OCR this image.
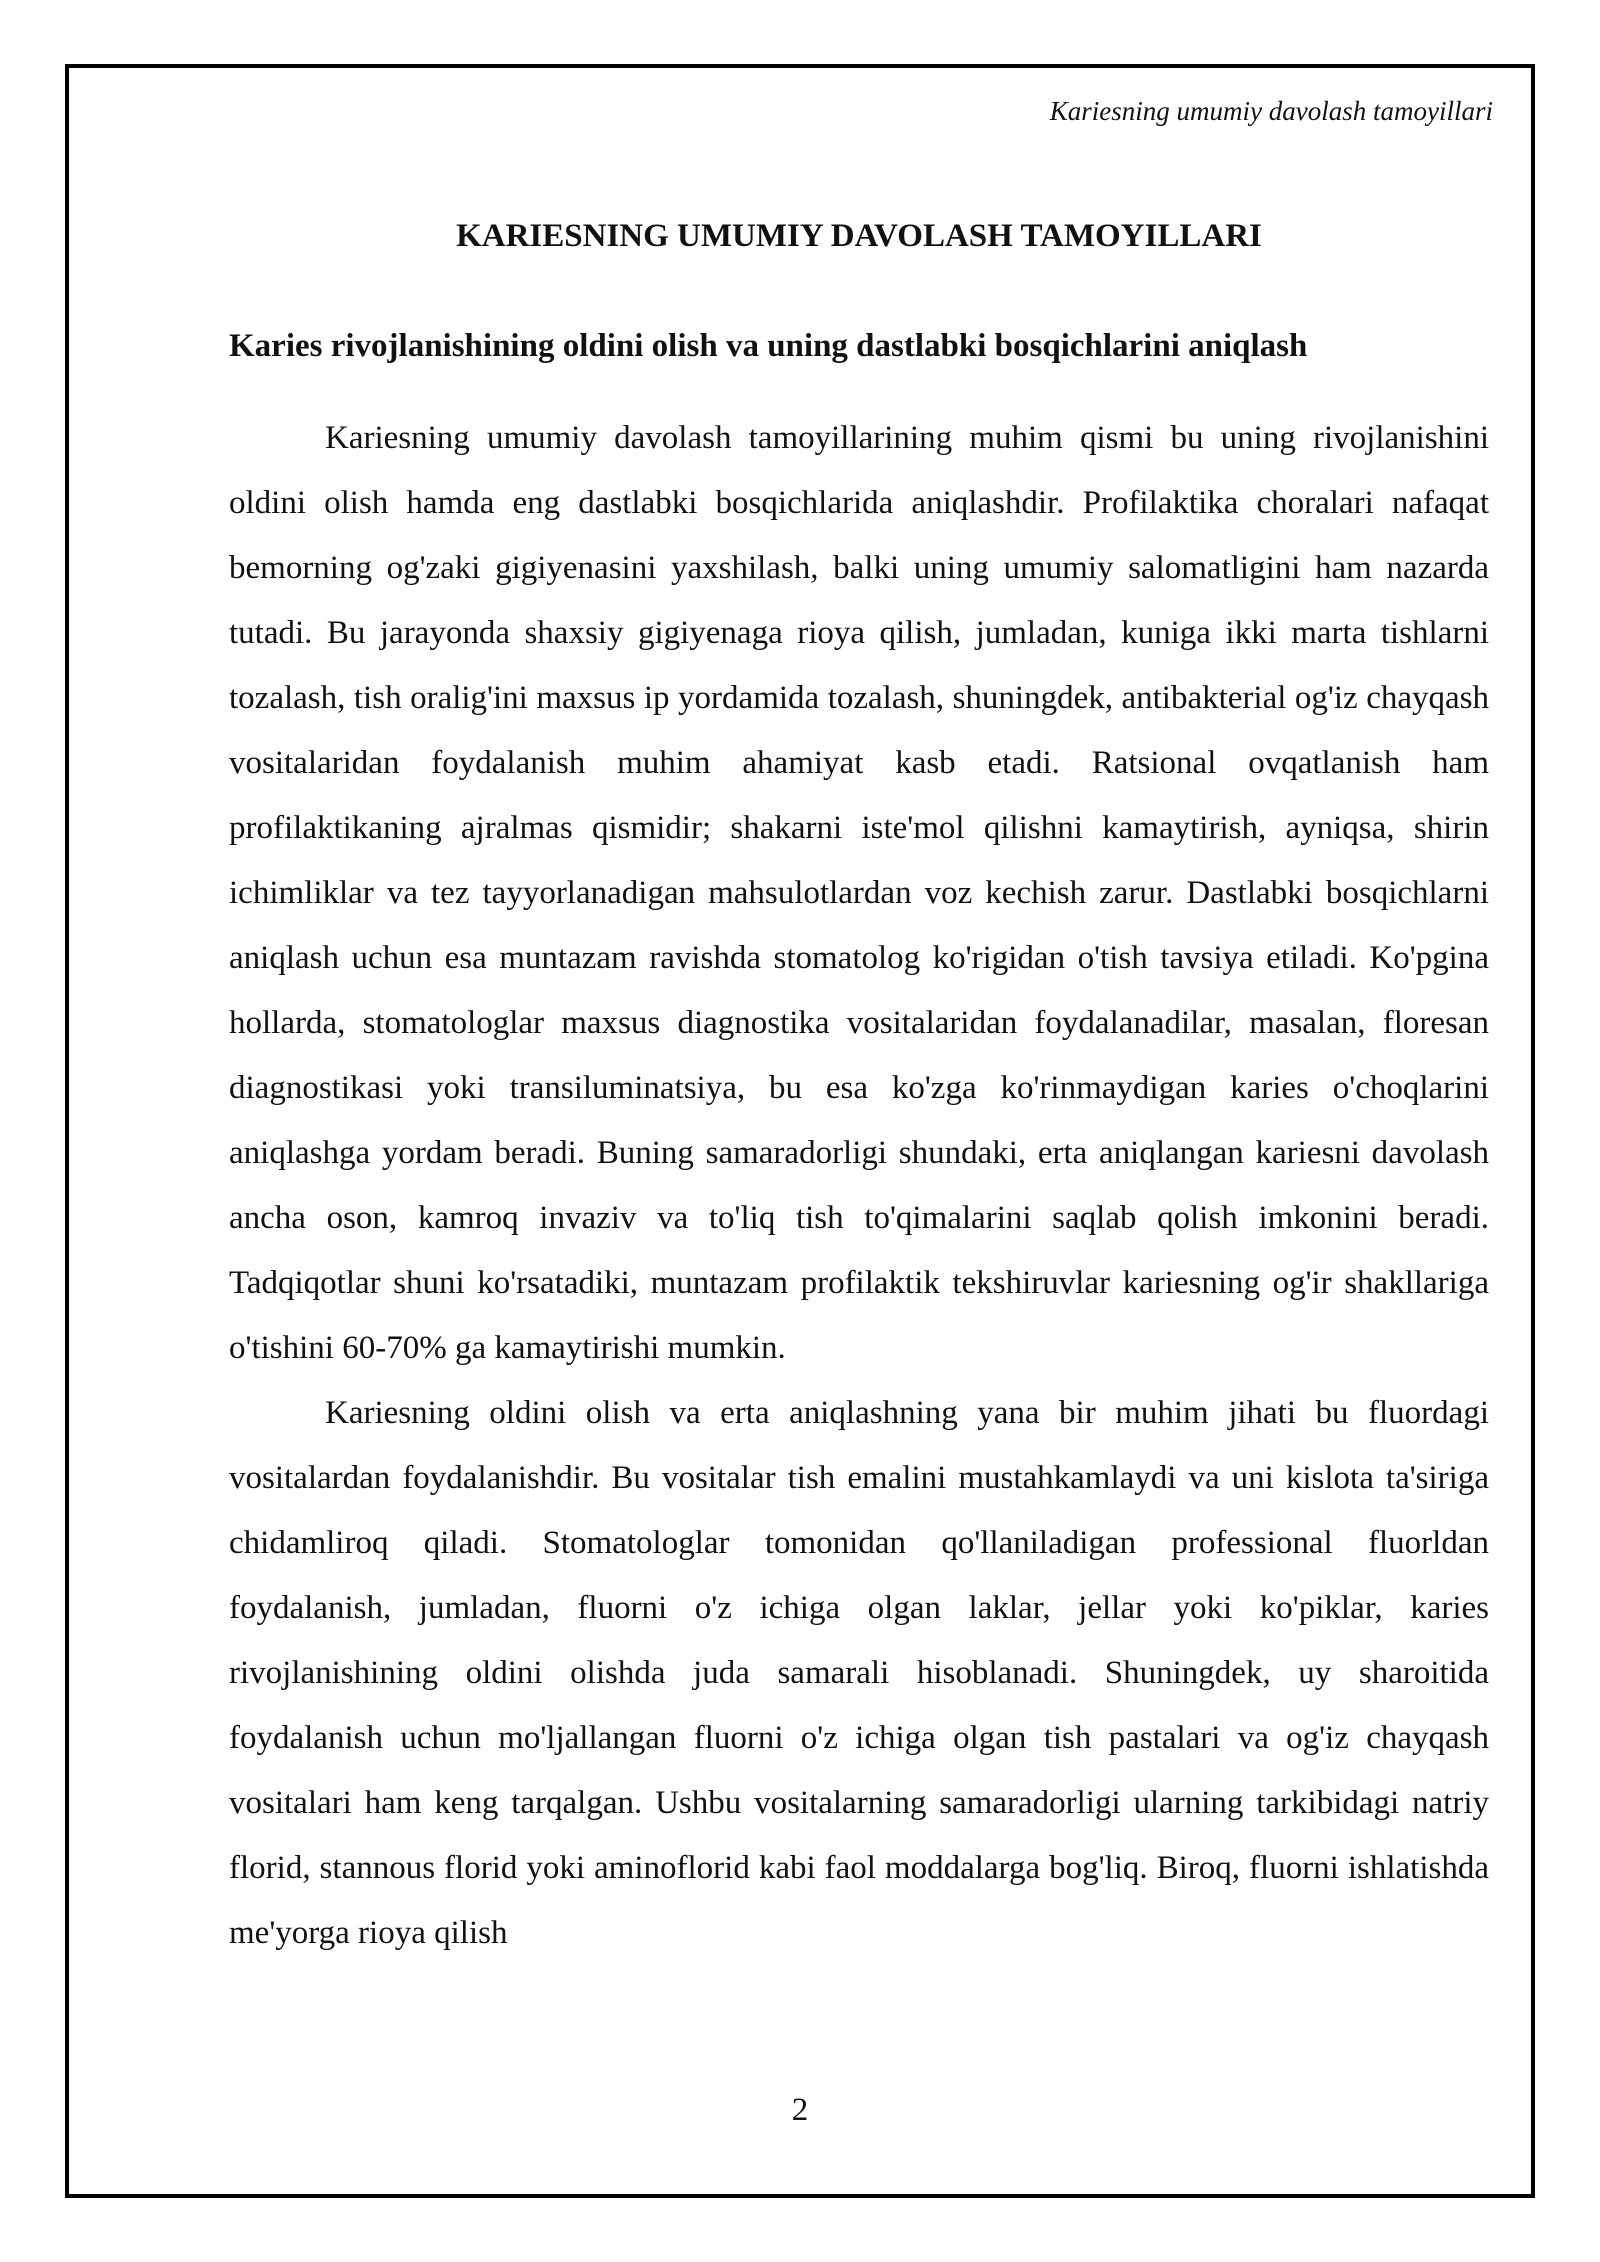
Kariesning umumiy davolash tamoyillari

KARIESNING UMUMIY DAVOLASH TAMOYILLARI
Karies rivojlanishining oldini olish va uning dastlabki bosqichlarini aniqlash

Kariesning umumiy davolash tamoyillarining muhim qismi bu uning rivojlanishini oldini olish hamda eng dastlabki bosqichlarida aniqlashdir. Profilaktika choralari nafaqat bemorning og'zaki gigiyenasini yaxshilash, balki uning umumiy salomatligini ham nazarda tutadi. Bu jarayonda shaxsiy gigiyenaga rioya qilish, jumladan, kuniga ikki marta tishlarni tozalash, tish oralig'ini maxsus ip yordamida tozalash, shuningdek, antibakterial og'iz chayqash vositalaridan foydalanish muhim ahamiyat kasb etadi. Ratsional ovqatlanish ham profilaktikaning ajralmas qismidir; shakarni iste'mol qilishni kamaytirish, ayniqsa, shirin ichimliklar va tez tayyorlanadigan mahsulotlardan voz kechish zarur. Dastlabki bosqichlarni aniqlash uchun esa muntazam ravishda stomatolog ko'rigidan o'tish tavsiya etiladi. Ko'pgina hollarda, stomatologlar maxsus diagnostika vositalaridan foydalanadilar, masalan, floresan diagnostikasi yoki transiluminatsiya, bu esa ko'zga ko'rinmaydigan karies o'choqlarini aniqlashga yordam beradi. Buning samaradorligi shundaki, erta aniqlangan kariesni davolash ancha oson, kamroq invaziv va to'liq tish to'qimalarini saqlab qolish imkonini beradi. Tadqiqotlar shuni ko'rsatadiki, muntazam profilaktik tekshiruvlar kariesning og'ir shakllariga o'tishini 60-70% ga kamaytirishi mumkin.

Kariesning oldini olish va erta aniqlashning yana bir muhim jihati bu fluordagi vositalardan foydalanishdir. Bu vositalar tish emalini mustahkamlaydi va uni kislota ta'siriga chidamliroq qiladi. Stomatologlar tomonidan qo'llaniladigan professional fluorldan foydalanish, jumladan, fluorni o'z ichiga olgan laklar, jellar yoki ko'piklar, karies rivojlanishining oldini olishda juda samarali hisoblanadi. Shuningdek, uy sharoitida foydalanish uchun mo'ljallangan fluorni o'z ichiga olgan tish pastalari va og'iz chayqash vositalari ham keng tarqalgan. Ushbu vositalarning samaradorligi ularning tarkibidagi natriy florid, stannous florid yoki aminoflorid kabi faol moddalarga bog'liq. Biroq, fluorni ishlatishda me'yorga rioya qilish

2
